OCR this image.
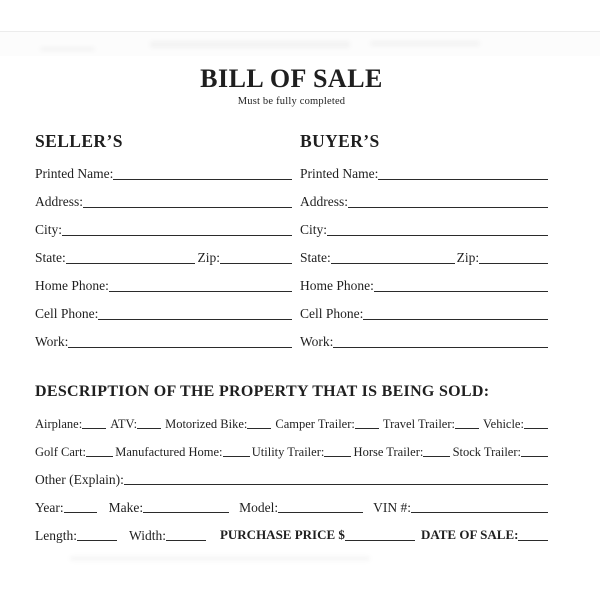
BILL OF SALE
Must be fully completed
SELLER’S
Printed Name:
Address:
City:
State:	Zip:
Home Phone:
Cell Phone:
Work:
BUYER’S
Printed Name:
Address:
City:
State:	Zip:
Home Phone:
Cell Phone:
Work:
DESCRIPTION OF THE PROPERTY THAT IS BEING SOLD:
Airplane: ATV: Motorized Bike: Camper Trailer: Travel Trailer: Vehicle:
Golf Cart: Manufactured Home: Utility Trailer: Horse Trailer: Stock Trailer:
Other (Explain):
Year:	Make:	Model:	VIN #:
Length:	Width:	PURCHASE PRICE $	DATE OF SALE:
